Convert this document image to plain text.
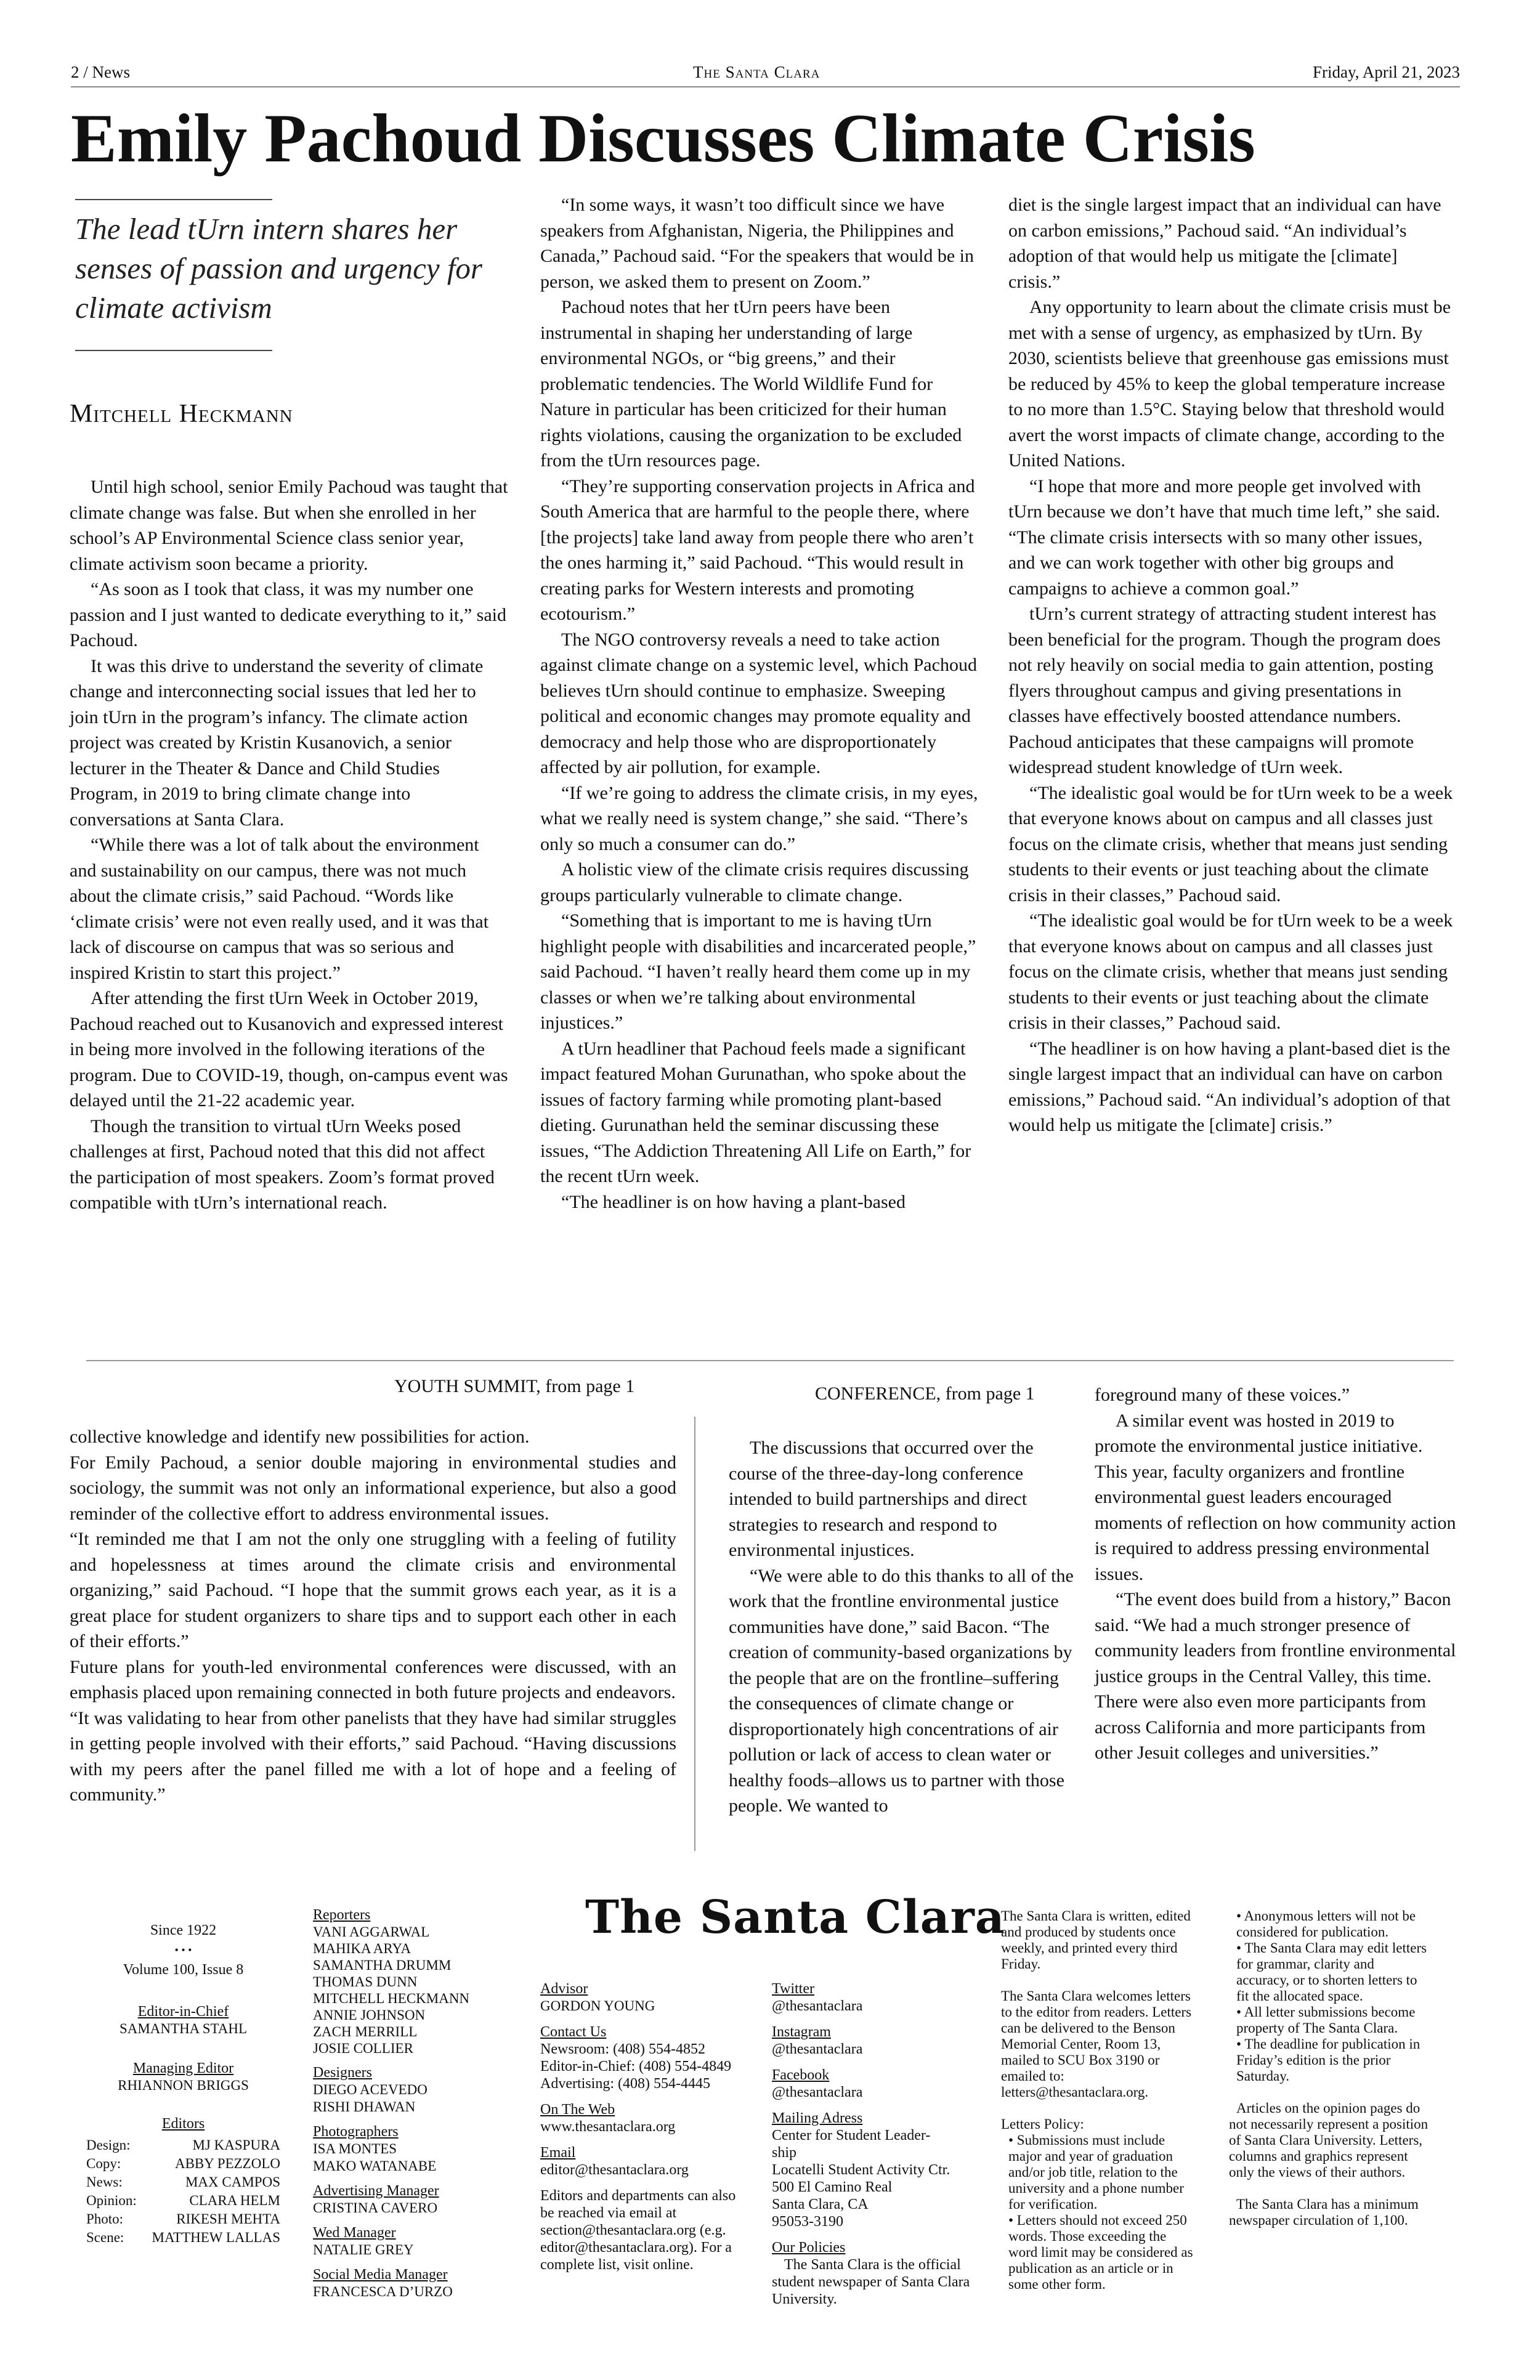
2 / News	The Santa Clara	Friday, April 21, 2023
Emily Pachoud Discusses Climate Crisis
The lead tUrn intern shares her senses of passion and urgency for climate activism
Mitchell Heckmann

Until high school, senior Emily Pachoud was taught that climate change was false. But when she enrolled in her school’s AP Environmental Science class senior year, climate activism soon became a priority.

“As soon as I took that class, it was my number one passion and I just wanted to dedicate everything to it,” said Pachoud.

It was this drive to understand the severity of climate change and interconnecting social issues that led her to join tUrn in the program’s infancy. The climate action project was created by Kristin Kusanovich, a senior lecturer in the Theater & Dance and Child Studies Program, in 2019 to bring climate change into conversations at Santa Clara.

“While there was a lot of talk about the environment and sustainability on our campus, there was not much about the climate crisis,” said Pachoud. “Words like ‘climate crisis’ were not even really used, and it was that lack of discourse on campus that was so serious and inspired Kristin to start this project.”

After attending the first tUrn Week in October 2019, Pachoud reached out to Kusanovich and expressed interest in being more involved in the following iterations of the program. Due to COVID-19, though, on-campus event was delayed until the 21-22 academic year.

Though the transition to virtual tUrn Weeks posed challenges at first, Pachoud noted that this did not affect the participation of most speakers. Zoom’s format proved compatible with tUrn’s international reach.

“In some ways, it wasn’t too difficult since we have speakers from Afghanistan, Nigeria, the Philippines and Canada,” Pachoud said. “For the speakers that would be in person, we asked them to present on Zoom.”

Pachoud notes that her tUrn peers have been instrumental in shaping her understanding of large environmental NGOs, or “big greens,” and their problematic tendencies. The World Wildlife Fund for Nature in particular has been criticized for their human rights violations, causing the organization to be excluded from the tUrn resources page.

“They’re supporting conservation projects in Africa and South America that are harmful to the people there, where [the projects] take land away from people there who aren’t the ones harming it,” said Pachoud. “This would result in creating parks for Western interests and promoting ecotourism.”

The NGO controversy reveals a need to take action against climate change on a systemic level, which Pachoud believes tUrn should continue to emphasize. Sweeping political and economic changes may promote equality and democracy and help those who are disproportionately affected by air pollution, for example.

“If we’re going to address the climate crisis, in my eyes, what we really need is system change,” she said. “There’s only so much a consumer can do.”

A holistic view of the climate crisis requires discussing groups particularly vulnerable to climate change.

“Something that is important to me is having tUrn highlight people with disabilities and incarcerated people,” said Pachoud. “I haven’t really heard them come up in my classes or when we’re talking about environmental injustices.”

A tUrn headliner that Pachoud feels made a significant impact featured Mohan Gurunathan, who spoke about the issues of factory farming while promoting plant-based dieting. Gurunathan held the seminar discussing these issues, “The Addiction Threatening All Life on Earth,” for the recent tUrn week.

“The headliner is on how having a plant-based

diet is the single largest impact that an individual can have on carbon emissions,” Pachoud said. “An individual’s adoption of that would help us mitigate the [climate] crisis.”

Any opportunity to learn about the climate crisis must be met with a sense of urgency, as emphasized by tUrn. By 2030, scientists believe that greenhouse gas emissions must be reduced by 45% to keep the global temperature increase to no more than 1.5°C. Staying below that threshold would avert the worst impacts of climate change, according to the United Nations.

“I hope that more and more people get involved with tUrn because we don’t have that much time left,” she said. “The climate crisis intersects with so many other issues, and we can work together with other big groups and campaigns to achieve a common goal.”

tUrn’s current strategy of attracting student interest has been beneficial for the program. Though the program does not rely heavily on social media to gain attention, posting flyers throughout campus and giving presentations in classes have effectively boosted attendance numbers. Pachoud anticipates that these campaigns will promote widespread student knowledge of tUrn week.

“The idealistic goal would be for tUrn week to be a week that everyone knows about on campus and all classes just focus on the climate crisis, whether that means just sending students to their events or just teaching about the climate crisis in their classes,” Pachoud said.

“The idealistic goal would be for tUrn week to be a week that everyone knows about on campus and all classes just focus on the climate crisis, whether that means just sending students to their events or just teaching about the climate crisis in their classes,” Pachoud said.

“The headliner is on how having a plant-based diet is the single largest impact that an individual can have on carbon emissions,” Pachoud said. “An individual’s adoption of that would help us mitigate the [climate] crisis.”

YOUTH SUMMIT, from page 1

collective knowledge and identify new possibilities for action.

For Emily Pachoud, a senior double majoring in environmental studies and sociology, the summit was not only an informational experience, but also a good reminder of the collective effort to address environmental issues.

“It reminded me that I am not the only one struggling with a feeling of futility and hopelessness at times around the climate crisis and environmental organizing,” said Pachoud. “I hope that the summit grows each year, as it is a great place for student organizers to share tips and to support each other in each of their efforts.”

Future plans for youth-led environmental conferences were discussed, with an emphasis placed upon remaining connected in both future projects and endeavors.

“It was validating to hear from other panelists that they have had similar struggles in getting people involved with their efforts,” said Pachoud. “Having discussions with my peers after the panel filled me with a lot of hope and a feeling of community.”

CONFERENCE, from page 1

The discussions that occurred over the course of the three-day-long conference intended to build partnerships and direct strategies to research and respond to environmental injustices.

“We were able to do this thanks to all of the work that the frontline environmental justice communities have done,” said Bacon. “The creation of community-based organizations by the people that are on the frontline–suffering the consequences of climate change or disproportionately high concentrations of air pollution or lack of access to clean water or healthy foods–allows us to partner with those people. We wanted to

foreground many of these voices.”

A similar event was hosted in 2019 to promote the environmental justice initiative. This year, faculty organizers and frontline environmental guest leaders encouraged moments of reflection on how community action is required to address pressing environmental issues.

“The event does build from a history,” Bacon said. “We had a much stronger presence of community leaders from frontline environmental justice groups in the Central Valley, this time. There were also even more participants from across California and more participants from other Jesuit colleges and universities.”

Since 1922
• • •
Volume 100, Issue 8
Editor-in-Chief
SAMANTHA STAHL
Managing Editor
RHIANNON BRIGGS
Editors
Design:	MJ KASPURA
Copy:	ABBY PEZZOLO
News:	MAX CAMPOS
Opinion:	CLARA HELM
Photo:	RIKESH MEHTA
Scene: MATTHEW LALLAS
Reporters
VANI AGGARWAL
MAHIKA ARYA
SAMANTHA DRUMM
THOMAS DUNN
MITCHELL HECKMANN
ANNIE JOHNSON
ZACH MERRILL
JOSIE COLLIER
Designers
DIEGO ACEVEDO
RISHI DHAWAN
Photographers
ISA MONTES
MAKO WATANABE
Advertising Manager
CRISTINA CAVERO
Wed Manager
NATALIE GREY
Social Media Manager
FRANCESCA D’URZO
The Santa Clara
Advisor
GORDON YOUNG
Contact Us
Newsroom: (408) 554-4852
Editor-in-Chief: (408) 554-4849
Advertising: (408) 554-4445
On The Web
www.thesantaclara.org
Email
editor@thesantaclara.org
Editors and departments can also be reached via email at section@thesantaclara.org (e.g. editor@thesantaclara.org). For a complete list, visit online.
Twitter
@thesantaclara
Instagram
@thesantaclara
Facebook
@thesantaclara
Mailing Adress
Center for Student Leader-
ship
Locatelli Student Activity Ctr.
500 El Camino Real
Santa Clara, CA
95053-3190
Our Policies
The Santa Clara is the official student newspaper of Santa Clara University.

The Santa Clara is written, edited and produced by students once weekly, and printed every third Friday.

The Santa Clara welcomes letters to the editor from readers. Letters can be delivered to the Benson Memorial Center, Room 13, mailed to SCU Box 3190 or emailed to: letters@thesantaclara.org.

Letters Policy:
• Submissions must include major and year of graduation and/or job title, relation to the university and a phone number for verification.
• Letters should not exceed 250 words. Those exceeding the word limit may be considered as publication as an article or in some other form.
• Anonymous letters will not be considered for publication.
• The Santa Clara may edit letters for grammar, clarity and accuracy, or to shorten letters to fit the allocated space.
• All letter submissions become property of The Santa Clara.
• The deadline for publication in Friday’s edition is the prior Saturday.

Articles on the opinion pages do not necessarily represent a position of Santa Clara University. Letters, columns and graphics represent only the views of their authors.

The Santa Clara has a minimum newspaper circulation of 1,100.
